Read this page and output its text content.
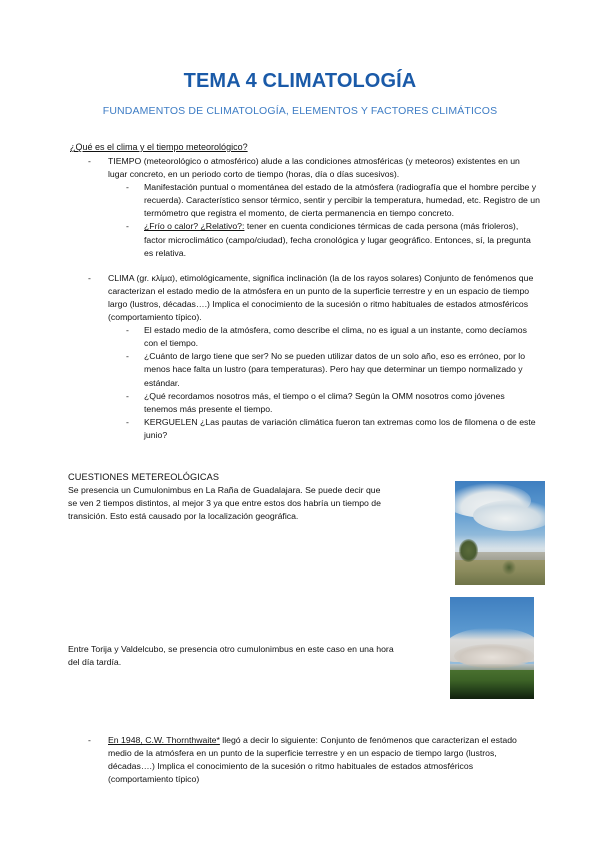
TEMA 4 CLIMATOLOGÍA
FUNDAMENTOS DE CLIMATOLOGÍA, ELEMENTOS Y FACTORES CLIMÁTICOS
¿Qué es el clima y el tiempo meteorológico?
-	TIEMPO (meteorológico o atmosférico) alude a las condiciones atmosféricas (y meteoros) existentes en un lugar concreto, en un periodo corto de tiempo (horas, día o días sucesivos).
-	Manifestación puntual o momentánea del estado de la atmósfera (radiografía que el hombre percibe y recuerda). Característico sensor térmico, sentir y percibir la temperatura, humedad, etc. Registro de un termómetro que registra el momento, de cierta permanencia en tiempo concreto.
-	¿Frío o calor? ¿Relativo?: tener en cuenta condiciones térmicas de cada persona (más frioleros), factor microclimático (campo/ciudad), fecha cronológica y lugar geográfico. Entonces, sí, la pregunta es relativa.
-	CLIMA (gr. κλίμα), etimológicamente, significa inclinación (la de los rayos solares) Conjunto de fenómenos que caracterizan el estado medio de la atmósfera en un punto de la superficie terrestre y en un espacio de tiempo largo (lustros, décadas….) Implica el conocimiento de la sucesión o ritmo habituales de estados atmosféricos (comportamiento típico).
-	El estado medio de la atmósfera, como describe el clima, no es igual a un instante, como decíamos con el tiempo.
-	¿Cuánto de largo tiene que ser? No se pueden utilizar datos de un solo año, eso es erróneo, por lo menos hace falta un lustro (para temperaturas). Pero hay que determinar un tiempo normalizado y estándar.
-	¿Qué recordamos nosotros más, el tiempo o el clima? Según la OMM nosotros como jóvenes tenemos más presente el tiempo.
-	KERGUELEN ¿Las pautas de variación climática fueron tan extremas como los de filomena o de este junio?
CUESTIONES METEREOLÓGICAS

Se presencia un Cumulonimbus en La Raña de Guadalajara. Se puede decir que se ven 2 tiempos distintos, al mejor 3 ya que entre estos dos habría un tiempo de transición. Esto está causado por la localización geográfica.

Entre Torija y Valdelcubo, se presencia otro cumulonimbus en este caso en una hora del día tardía.
-	En 1948, C.W. Thornthwaite* llegó a decir lo siguiente: Conjunto de fenómenos que caracterizan el estado medio de la atmósfera en un punto de la superficie terrestre y en un espacio de tiempo largo (lustros, décadas….) Implica el conocimiento de la sucesión o ritmo habituales de estados atmosféricos (comportamiento típico)
